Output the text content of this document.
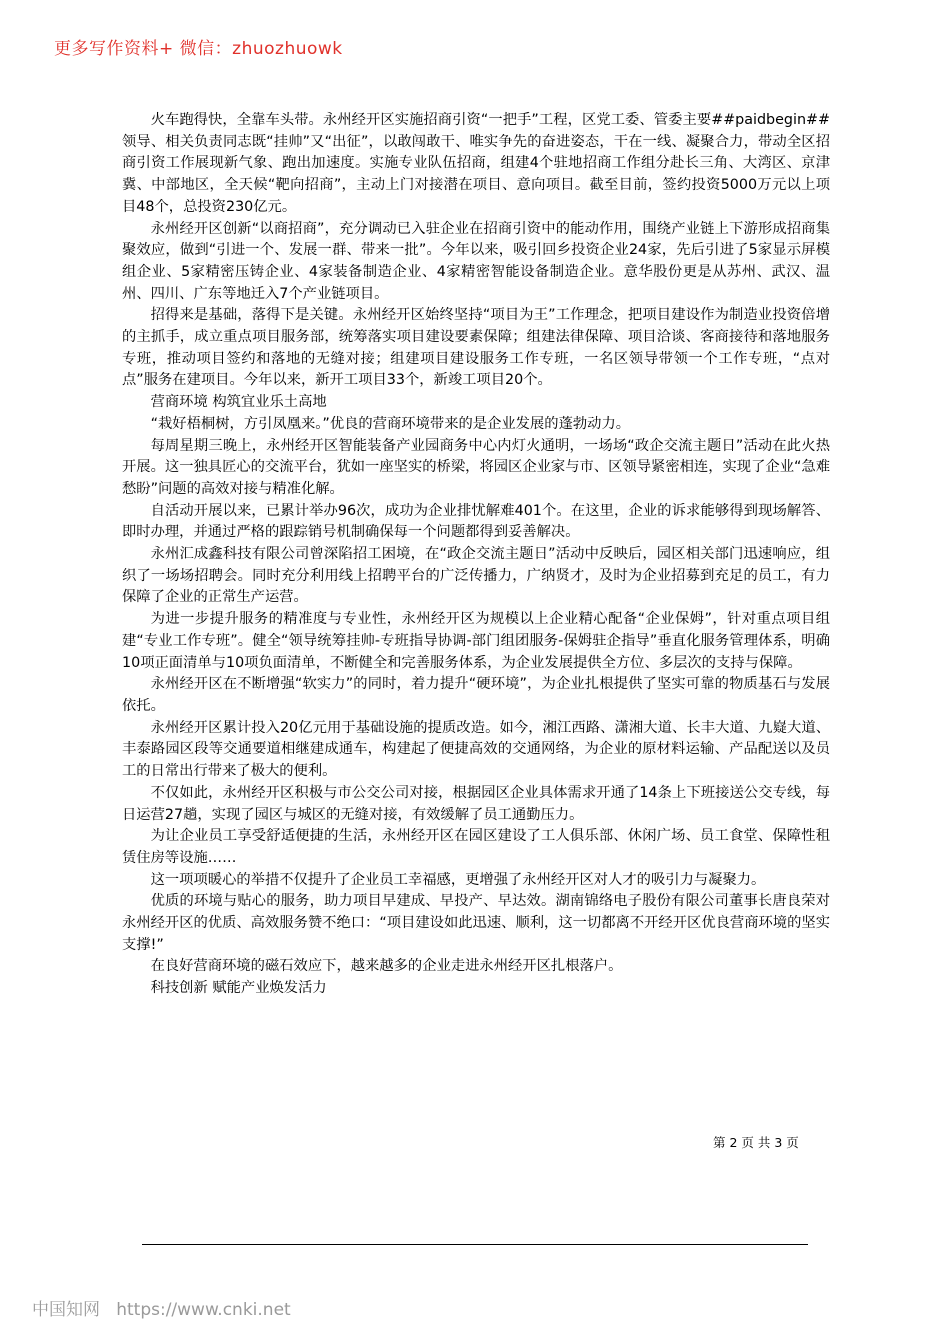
更多写作资料+ 微信：zhuozhuowk

火车跑得快，全靠车头带。永州经开区实施招商引资“一把手”工程，区党工委、管委主要##paidbegin##领导、相关负责同志既“挂帅”又“出征”，以敢闯敢干、唯实争先的奋进姿态，干在一线、凝聚合力，带动全区招商引资工作展现新气象、跑出加速度。实施专业队伍招商，组建4个驻地招商工作组分赴长三角、大湾区、京津冀、中部地区，全天候“靶向招商”，主动上门对接潜在项目、意向项目。截至目前，签约投资5000万元以上项目48个，总投资230亿元。

永州经开区创新“以商招商”，充分调动已入驻企业在招商引资中的能动作用，围绕产业链上下游形成招商集聚效应，做到“引进一个、发展一群、带来一批”。今年以来，吸引回乡投资企业24家，先后引进了5家显示屏模组企业、5家精密压铸企业、4家装备制造企业、4家精密智能设备制造企业。意华股份更是从苏州、武汉、温州、四川、广东等地迁入7个产业链项目。

招得来是基础，落得下是关键。永州经开区始终坚持“项目为王”工作理念，把项目建设作为制造业投资倍增的主抓手，成立重点项目服务部，统筹落实项目建设要素保障；组建法律保障、项目洽谈、客商接待和落地服务专班，推动项目签约和落地的无缝对接；组建项目建设服务工作专班，一名区领导带领一个工作专班，“点对点”服务在建项目。今年以来，新开工项目33个，新竣工项目20个。

营商环境 构筑宜业乐土高地

“栽好梧桐树，方引凤凰来。”优良的营商环境带来的是企业发展的蓬勃动力。

每周星期三晚上，永州经开区智能装备产业园商务中心内灯火通明，一场场“政企交流主题日”活动在此火热开展。这一独具匠心的交流平台，犹如一座坚实的桥梁，将园区企业家与市、区领导紧密相连，实现了企业“急难愁盼”问题的高效对接与精准化解。

自活动开展以来，已累计举办96次，成功为企业排忧解难401个。在这里，企业的诉求能够得到现场解答、即时办理，并通过严格的跟踪销号机制确保每一个问题都得到妥善解决。

永州汇成鑫科技有限公司曾深陷招工困境，在“政企交流主题日”活动中反映后，园区相关部门迅速响应，组织了一场场招聘会。同时充分利用线上招聘平台的广泛传播力，广纳贤才，及时为企业招募到充足的员工，有力保障了企业的正常生产运营。

为进一步提升服务的精准度与专业性，永州经开区为规模以上企业精心配备“企业保姆”，针对重点项目组建“专业工作专班”。健全“领导统筹挂帅-专班指导协调-部门组团服务-保姆驻企指导”垂直化服务管理体系，明确10项正面清单与10项负面清单，不断健全和完善服务体系，为企业发展提供全方位、多层次的支持与保障。

永州经开区在不断增强“软实力”的同时，着力提升“硬环境”，为企业扎根提供了坚实可靠的物质基石与发展依托。

永州经开区累计投入20亿元用于基础设施的提质改造。如今，湘江西路、潇湘大道、长丰大道、九嶷大道、丰泰路园区段等交通要道相继建成通车，构建起了便捷高效的交通网络，为企业的原材料运输、产品配送以及员工的日常出行带来了极大的便利。

不仅如此，永州经开区积极与市公交公司对接，根据园区企业具体需求开通了14条上下班接送公交专线，每日运营27趟，实现了园区与城区的无缝对接，有效缓解了员工通勤压力。

为让企业员工享受舒适便捷的生活，永州经开区在园区建设了工人俱乐部、休闲广场、员工食堂、保障性租赁住房等设施……

这一项项暖心的举措不仅提升了企业员工幸福感，更增强了永州经开区对人才的吸引力与凝聚力。

优质的环境与贴心的服务，助力项目早建成、早投产、早达效。湖南锦络电子股份有限公司董事长唐良荣对永州经开区的优质、高效服务赞不绝口：“项目建设如此迅速、顺利，这一切都离不开经开区优良营商环境的坚实支撑!”

在良好营商环境的磁石效应下，越来越多的企业走进永州经开区扎根落户。

科技创新 赋能产业焕发活力

第 2 页 共 3 页
中国知网   https://www.cnki.net
